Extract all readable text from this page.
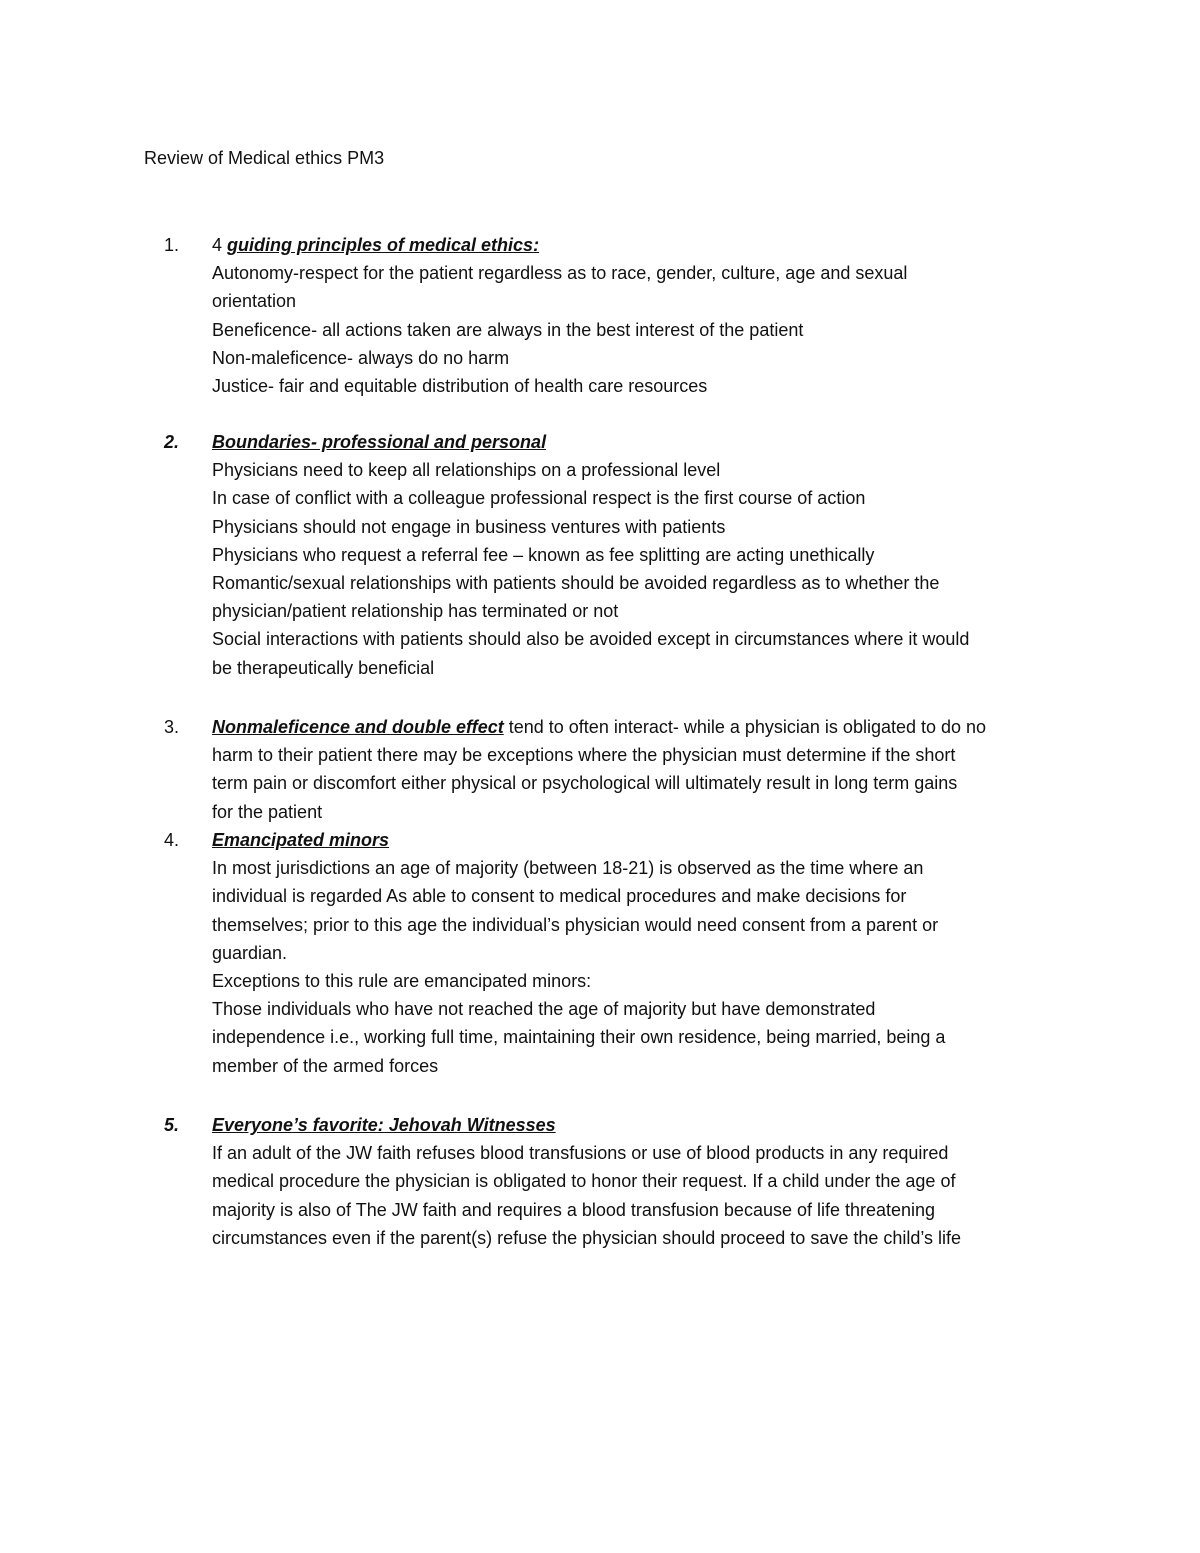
Review of Medical ethics PM3
1. 4 guiding principles of medical ethics:
Autonomy-respect for the patient regardless as to race, gender, culture, age and sexual
orientation
Beneficence- all actions taken are always in the best interest of the patient
Non-maleficence- always do no harm
Justice- fair and equitable distribution of health care resources
2. Boundaries- professional and personal
Physicians need to keep all relationships on a professional level
In case of conflict with a colleague professional respect is the first course of action
Physicians should not engage in business ventures with patients
Physicians who request a referral fee – known as fee splitting are acting unethically
Romantic/sexual relationships with patients should be avoided regardless as to whether the
physician/patient relationship has terminated or not
Social interactions with patients should also be avoided except in circumstances where it would
be therapeutically beneficial
3. Nonmaleficence and double effect tend to often interact- while a physician is obligated to do no
harm to their patient there may be exceptions where the physician must determine if the short
term pain or discomfort either physical or psychological will ultimately result in long term gains
for the patient
4. Emancipated minors
In most jurisdictions an age of majority (between 18-21) is observed as the time where an
individual is regarded As able to consent to medical procedures and make decisions for
themselves; prior to this age the individual’s physician would need consent from a parent or
guardian.
Exceptions to this rule are emancipated minors:
Those individuals who have not reached the age of majority but have demonstrated
independence i.e., working full time, maintaining their own residence, being married, being a
member of the armed forces
5. Everyone’s favorite: Jehovah Witnesses
If an adult of the JW faith refuses blood transfusions or use of blood products in any required
medical procedure the physician is obligated to honor their request. If a child under the age of
majority is also of The JW faith and requires a blood transfusion because of life threatening
circumstances even if the parent(s) refuse the physician should proceed to save the child’s life
